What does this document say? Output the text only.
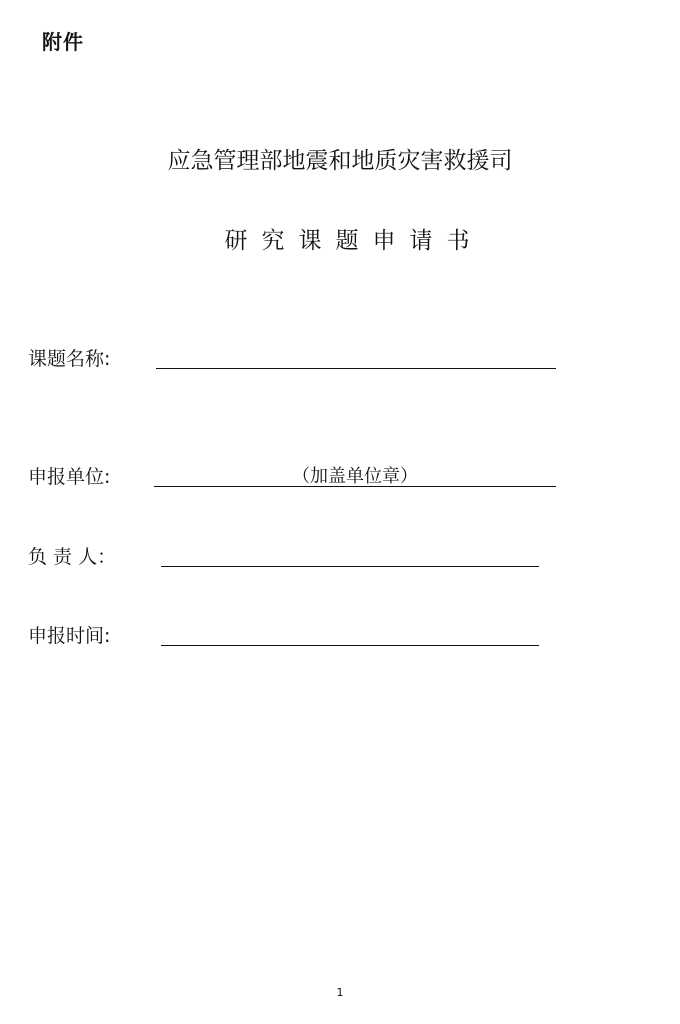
附件
应急管理部地震和地质灾害救援司
研究课题申请书
课题名称:
申报单位:	（加盖单位章）
负 责 人：
申报时间:
1
